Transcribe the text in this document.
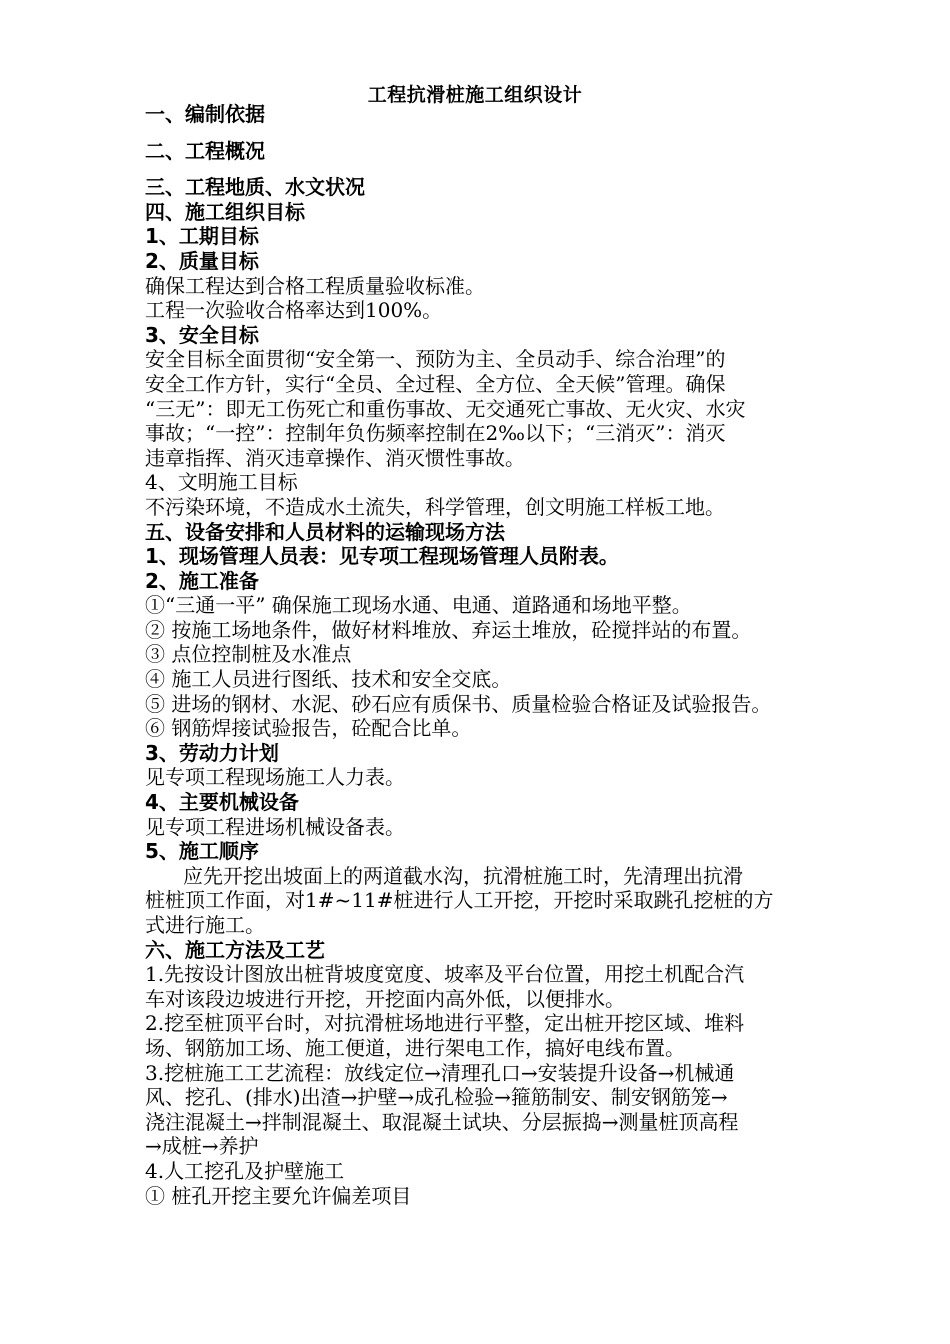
工程抗滑桩施工组织设计
一、编制依据
二、工程概况
三、工程地质、水文状况
四、施工组织目标
1、工期目标
2、质量目标
确保工程达到合格工程质量验收标准。
工程一次验收合格率达到100%。
3、安全目标
安全目标全面贯彻“安全第一、预防为主、全员动手、综合治理”的
安全工作方针，实行“全员、全过程、全方位、全天候”管理。确保
“三无”：即无工伤死亡和重伤事故、无交通死亡事故、无火灾、水灾
事故；“一控”：控制年负伤频率控制在2‰以下；“三消灭”：消灭
违章指挥、消灭违章操作、消灭惯性事故。
4、文明施工目标
不污染环境，不造成水土流失，科学管理，创文明施工样板工地。
五、设备安排和人员材料的运输现场方法
1、现场管理人员表：见专项工程现场管理人员附表。
2、施工准备
①“三通一平” 确保施工现场水通、电通、道路通和场地平整。
② 按施工场地条件，做好材料堆放、弃运土堆放，砼搅拌站的布置。
③ 点位控制桩及水准点
④ 施工人员进行图纸、技术和安全交底。
⑤ 进场的钢材、水泥、砂石应有质保书、质量检验合格证及试验报告。
⑥ 钢筋焊接试验报告，砼配合比单。
3、劳动力计划
见专项工程现场施工人力表。
4、主要机械设备
见专项工程进场机械设备表。
5、施工顺序
应先开挖出坡面上的两道截水沟，抗滑桩施工时，先清理出抗滑
桩桩顶工作面，对1#~11#桩进行人工开挖，开挖时采取跳孔挖桩的方
式进行施工。
六、施工方法及工艺
1.先按设计图放出桩背坡度宽度、坡率及平台位置，用挖土机配合汽
车对该段边坡进行开挖，开挖面内高外低，以便排水。
2.挖至桩顶平台时，对抗滑桩场地进行平整，定出桩开挖区域、堆料
场、钢筋加工场、施工便道，进行架电工作，搞好电线布置。
3.挖桩施工工艺流程：放线定位→清理孔口→安装提升设备→机械通
风、挖孔、(排水)出渣→护壁→成孔检验→箍筋制安、制安钢筋笼→
浇注混凝土→拌制混凝土、取混凝土试块、分层振捣→测量桩顶高程
→成桩→养护
4.人工挖孔及护壁施工
① 桩孔开挖主要允许偏差项目
